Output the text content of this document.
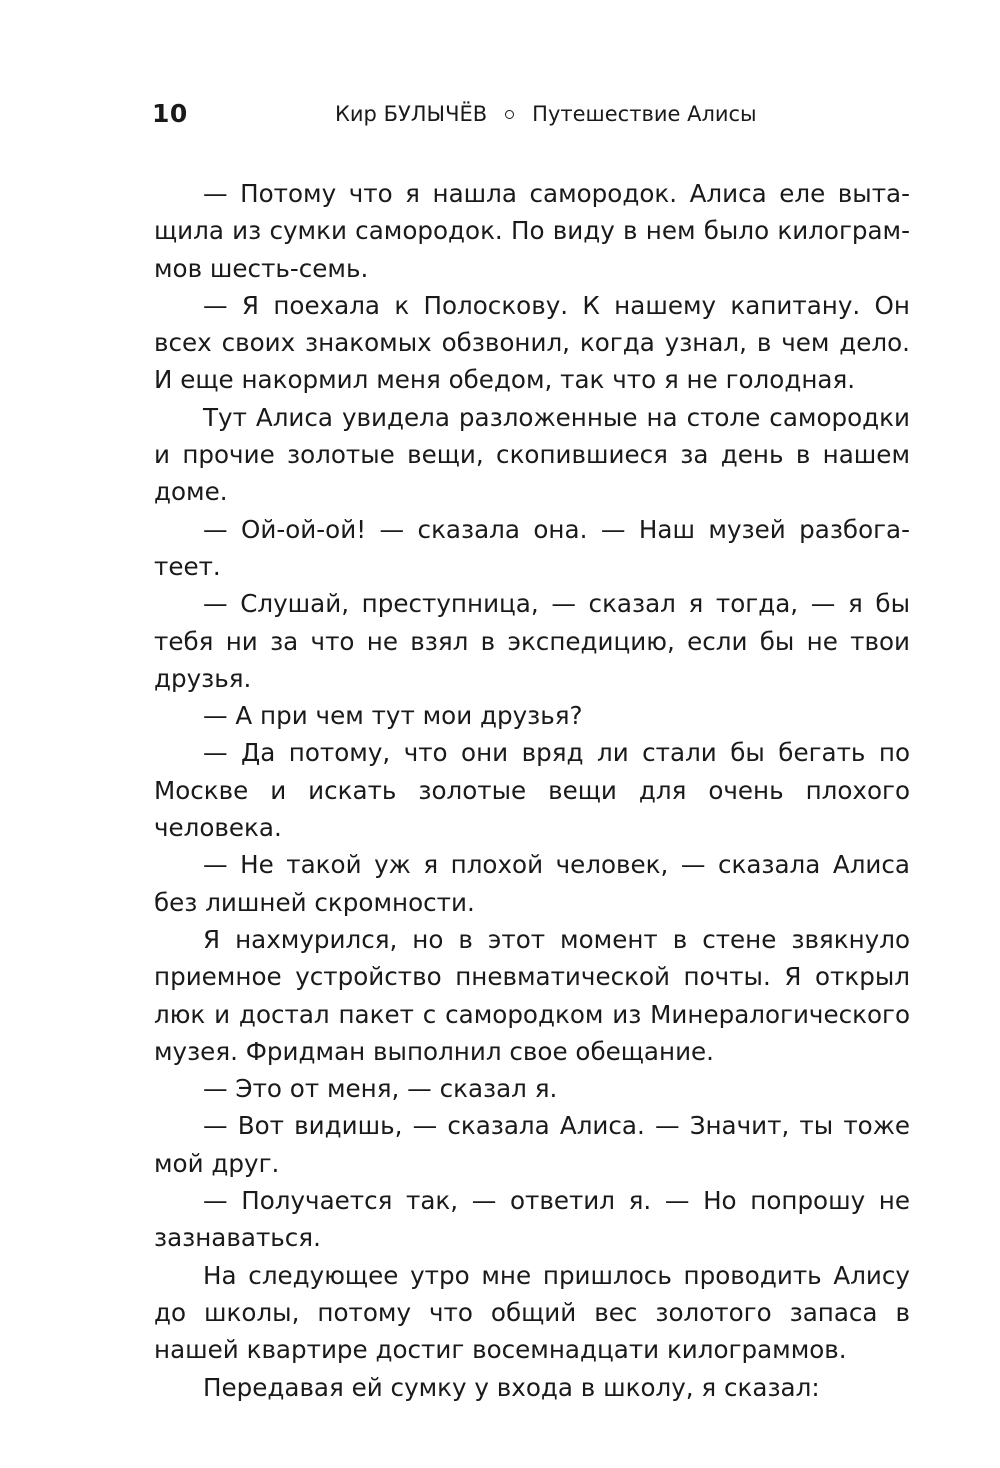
10	Кир БУЛЫЧЁВ Путешествие Алисы

— Потому что я нашла самородок. Алиса еле вытащила из сумки самородок. По виду в нем было килограммов шесть-семь.

— Я поехала к Полоскову. К нашему капитану. Он всех своих знакомых обзвонил, когда узнал, в чем дело. И еще накормил меня обедом, так что я не голодная.

Тут Алиса увидела разложенные на столе самородки и прочие золотые вещи, скопившиеся за день в нашем доме.

— Ой-ой-ой! — сказала она. — Наш музей разбогатеет.

— Слушай, преступница, — сказал я тогда, — я бы тебя ни за что не взял в экспедицию, если бы не твои друзья.

— А при чем тут мои друзья?

— Да потому, что они вряд ли стали бы бегать по Москве и искать золотые вещи для очень плохого человека.

— Не такой уж я плохой человек, — сказала Алиса без лишней скромности.

Я нахмурился, но в этот момент в стене звякнуло приемное устройство пневматической почты. Я открыл люк и достал пакет с самородком из Минералогического музея. Фридман выполнил свое обещание.

— Это от меня, — сказал я.

— Вот видишь, — сказала Алиса. — Значит, ты тоже мой друг.

— Получается так, — ответил я. — Но попрошу не зазнаваться.

На следующее утро мне пришлось проводить Алису до школы, потому что общий вес золотого запаса в нашей квартире достиг восемнадцати килограммов.

Передавая ей сумку у входа в школу, я сказал:
